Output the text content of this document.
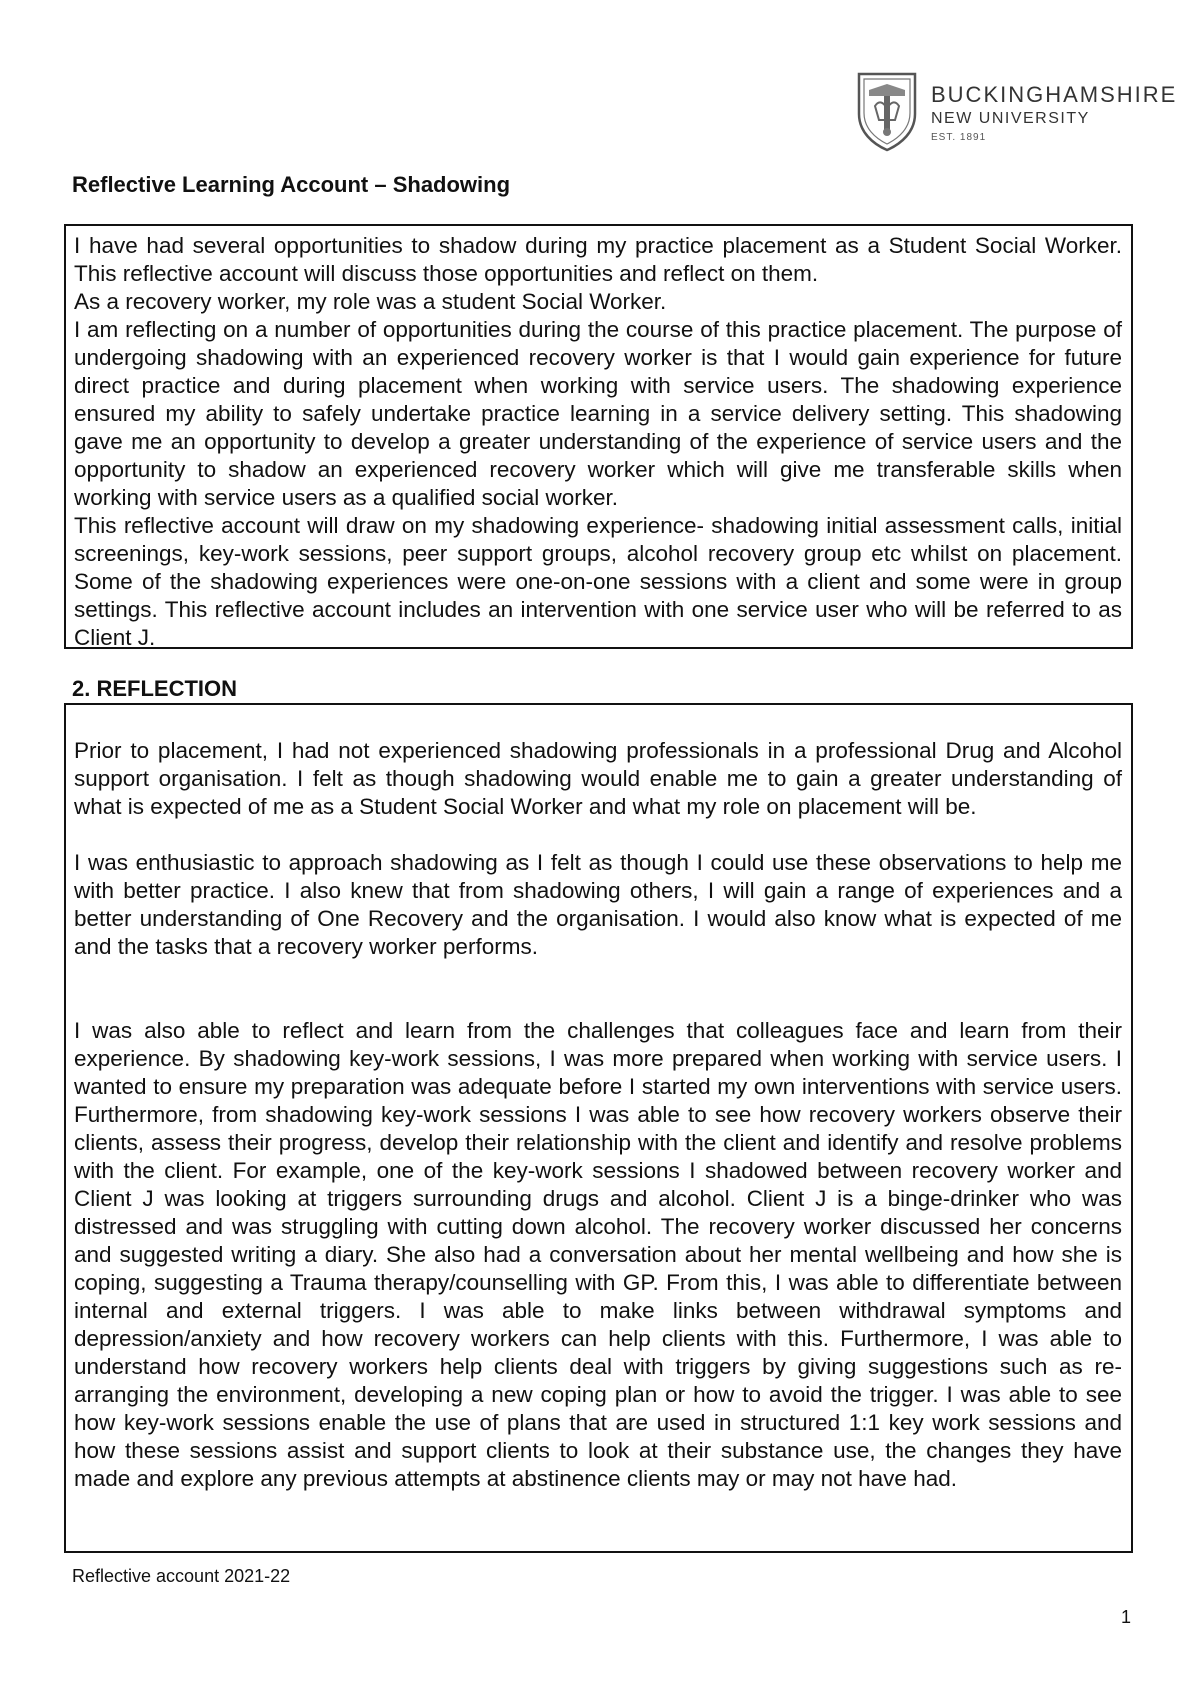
BUCKINGHAMSHIRE
NEW UNIVERSITY
EST. 1891
Reflective Learning Account – Shadowing

I have had several opportunities to shadow during my practice placement as a Student Social Worker. This reflective account will discuss those opportunities and reflect on them.

As a recovery worker, my role was a student Social Worker.

I am reflecting on a number of opportunities during the course of this practice placement. The purpose of undergoing shadowing with an experienced recovery worker is that I would gain experience for future direct practice and during placement when working with service users. The shadowing experience ensured my ability to safely undertake practice learning in a service delivery setting. This shadowing gave me an opportunity to develop a greater understanding of the experience of service users and the opportunity to shadow an experienced recovery worker which will give me transferable skills when working with service users as a qualified social worker.

This reflective account will draw on my shadowing experience- shadowing initial assessment calls, initial screenings, key-work sessions, peer support groups, alcohol recovery group etc whilst on placement. Some of the shadowing experiences were one-on-one sessions with a client and some were in group settings. This reflective account includes an intervention with one service user who will be referred to as Client J.

2. REFLECTION

Prior to placement, I had not experienced shadowing professionals in a professional Drug and Alcohol support organisation. I felt as though shadowing would enable me to gain a greater understanding of what is expected of me as a Student Social Worker and what my role on placement will be.

I was enthusiastic to approach shadowing as I felt as though I could use these observations to help me with better practice. I also knew that from shadowing others, I will gain a range of experiences and a better understanding of One Recovery and the organisation. I would also know what is expected of me and the tasks that a recovery worker performs.

I was also able to reflect and learn from the challenges that colleagues face and learn from their experience. By shadowing key-work sessions, I was more prepared when working with service users. I wanted to ensure my preparation was adequate before I started my own interventions with service users. Furthermore, from shadowing key-work sessions I was able to see how recovery workers observe their clients, assess their progress, develop their relationship with the client and identify and resolve problems with the client. For example, one of the key-work sessions I shadowed between recovery worker and Client J was looking at triggers surrounding drugs and alcohol. Client J is a binge-drinker who was distressed and was struggling with cutting down alcohol. The recovery worker discussed her concerns and suggested writing a diary. She also had a conversation about her mental wellbeing and how she is coping, suggesting a Trauma therapy/counselling with GP. From this, I was able to differentiate between internal and external triggers. I was able to make links between withdrawal symptoms and depression/anxiety and how recovery workers can help clients with this. Furthermore, I was able to understand how recovery workers help clients deal with triggers by giving suggestions such as re-arranging the environment, developing a new coping plan or how to avoid the trigger. I was able to see how key-work sessions enable the use of plans that are used in structured 1:1 key work sessions and how these sessions assist and support clients to look at their substance use, the changes they have made and explore any previous attempts at abstinence clients may or may not have had.

Reflective account 2021-22
1
